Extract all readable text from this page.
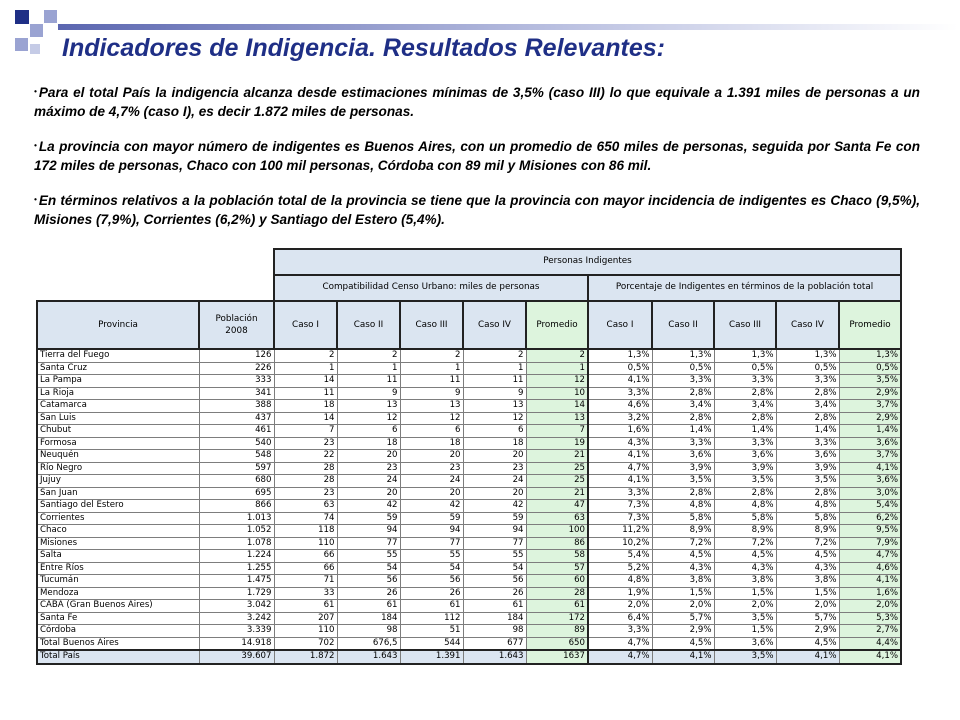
Indicadores de Indigencia. Resultados Relevantes:

• Para el total País la indigencia alcanza desde estimaciones mínimas de 3,5% (caso III) lo que equivale a 1.391 miles de personas a un máximo de 4,7% (caso I), es decir 1.872 miles de personas.

• La provincia con mayor número de indigentes es Buenos Aires, con un promedio de 650 miles de personas, seguida por Santa Fe con 172 miles de personas, Chaco con 100 mil personas, Córdoba con 89 mil y Misiones con 86 mil.

• En términos relativos a la población total de la provincia se tiene que la provincia con mayor incidencia de indigentes es Chaco (9,5%), Misiones (7,9%), Corrientes (6,2%) y Santiago del Estero (5,4%).

		Personas Indigentes									
		Compatibilidad Censo Urbano: miles de personas					Porcentaje de Indigentes en términos de la población total				
Provincia	Población 2008	Caso I	Caso II	Caso III	Caso IV	Promedio	Caso I	Caso II	Caso III	Caso IV	Promedio
Tierra del Fuego	126	2	2	2	2	2	1,3%	1,3%	1,3%	1,3%	1,3%
Santa Cruz	226	1	1	1	1	1	0,5%	0,5%	0,5%	0,5%	0,5%
La Pampa	333	14	11	11	11	12	4,1%	3,3%	3,3%	3,3%	3,5%
La Rioja	341	11	9	9	9	10	3,3%	2,8%	2,8%	2,8%	2,9%
Catamarca	388	18	13	13	13	14	4,6%	3,4%	3,4%	3,4%	3,7%
San Luis	437	14	12	12	12	13	3,2%	2,8%	2,8%	2,8%	2,9%
Chubut	461	7	6	6	6	7	1,6%	1,4%	1,4%	1,4%	1,4%
Formosa	540	23	18	18	18	19	4,3%	3,3%	3,3%	3,3%	3,6%
Neuquén	548	22	20	20	20	21	4,1%	3,6%	3,6%	3,6%	3,7%
Río Negro	597	28	23	23	23	25	4,7%	3,9%	3,9%	3,9%	4,1%
Jujuy	680	28	24	24	24	25	4,1%	3,5%	3,5%	3,5%	3,6%
San Juan	695	23	20	20	20	21	3,3%	2,8%	2,8%	2,8%	3,0%
Santiago del Estero	866	63	42	42	42	47	7,3%	4,8%	4,8%	4,8%	5,4%
Corrientes	1.013	74	59	59	59	63	7,3%	5,8%	5,8%	5,8%	6,2%
Chaco	1.052	118	94	94	94	100	11,2%	8,9%	8,9%	8,9%	9,5%
Misiones	1.078	110	77	77	77	86	10,2%	7,2%	7,2%	7,2%	7,9%
Salta	1.224	66	55	55	55	58	5,4%	4,5%	4,5%	4,5%	4,7%
Entre Ríos	1.255	66	54	54	54	57	5,2%	4,3%	4,3%	4,3%	4,6%
Tucumán	1.475	71	56	56	56	60	4,8%	3,8%	3,8%	3,8%	4,1%
Mendoza	1.729	33	26	26	26	28	1,9%	1,5%	1,5%	1,5%	1,6%
CABA (Gran Buenos Aires)	3.042	61	61	61	61	61	2,0%	2,0%	2,0%	2,0%	2,0%
Santa Fe	3.242	207	184	112	184	172	6,4%	5,7%	3,5%	5,7%	5,3%
Córdoba	3.339	110	98	51	98	89	3,3%	2,9%	1,5%	2,9%	2,7%
Total Buenos Aires	14.918	702	676,5	544	677	650	4,7%	4,5%	3,6%	4,5%	4,4%
Total País	39.607	1.872	1.643	1.391	1.643	1637	4,7%	4,1%	3,5%	4,1%	4,1%
